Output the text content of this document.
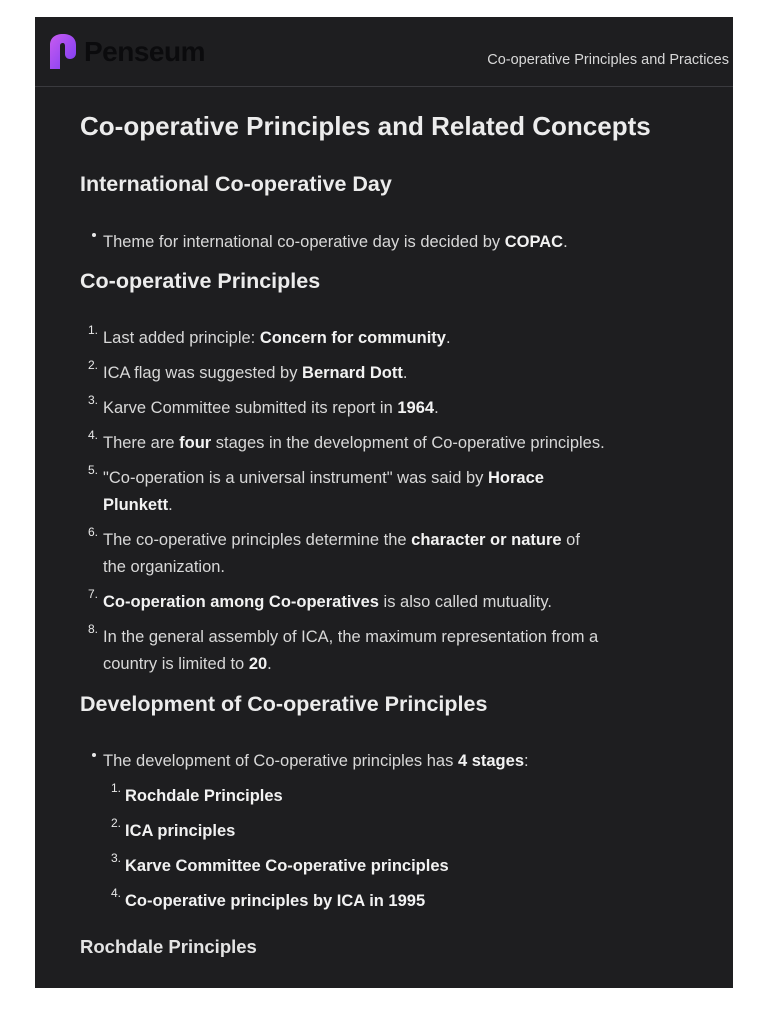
Penseum	Co-operative Principles and Practices
Co-operative Principles and Related Concepts
International Co-operative Day
Theme for international co-operative day is decided by COPAC.
Co-operative Principles
1. Last added principle: Concern for community.
2. ICA flag was suggested by Bernard Dott.
3. Karve Committee submitted its report in 1964.
4. There are four stages in the development of Co-operative principles.
5. "Co-operation is a universal instrument" was said by Horace
Plunkett.
6. The co-operative principles determine the character or nature of
the organization.
7. Co-operation among Co-operatives is also called mutuality.
8. In the general assembly of ICA, the maximum representation from a
country is limited to 20.
Development of Co-operative Principles
The development of Co-operative principles has 4 stages:
1. Rochdale Principles
2. ICA principles
3. Karve Committee Co-operative principles
4. Co-operative principles by ICA in 1995
Rochdale Principles
